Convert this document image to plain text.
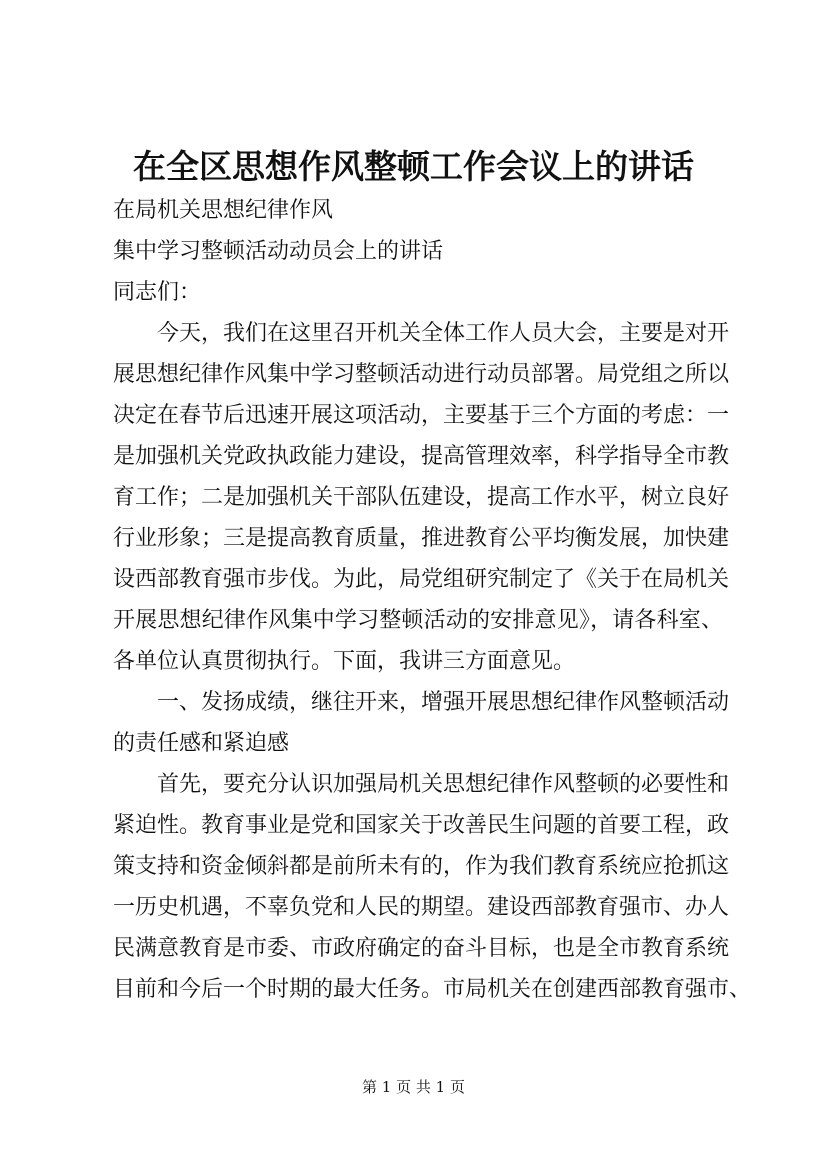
在全区思想作风整顿工作会议上的讲话

在局机关思想纪律作风

集中学习整顿活动动员会上的讲话

同志们：

今天，我们在这里召开机关全体工作人员大会，主要是对开

展思想纪律作风集中学习整顿活动进行动员部署。局党组之所以

决定在春节后迅速开展这项活动，主要基于三个方面的考虑：一

是加强机关党政执政能力建设，提高管理效率，科学指导全市教

育工作；二是加强机关干部队伍建设，提高工作水平，树立良好

行业形象；三是提高教育质量，推进教育公平均衡发展，加快建

设西部教育强市步伐。为此，局党组研究制定了《关于在局机关

开展思想纪律作风集中学习整顿活动的安排意见》，请各科室、

各单位认真贯彻执行。下面，我讲三方面意见。

一、发扬成绩，继往开来，增强开展思想纪律作风整顿活动

的责任感和紧迫感

首先，要充分认识加强局机关思想纪律作风整顿的必要性和

紧迫性。教育事业是党和国家关于改善民生问题的首要工程，政

策支持和资金倾斜都是前所未有的，作为我们教育系统应抢抓这

一历史机遇，不辜负党和人民的期望。建设西部教育强市、办人

民满意教育是市委、市政府确定的奋斗目标，也是全市教育系统

目前和今后一个时期的最大任务。市局机关在创建西部教育强市、

第 1 页 共 1 页
